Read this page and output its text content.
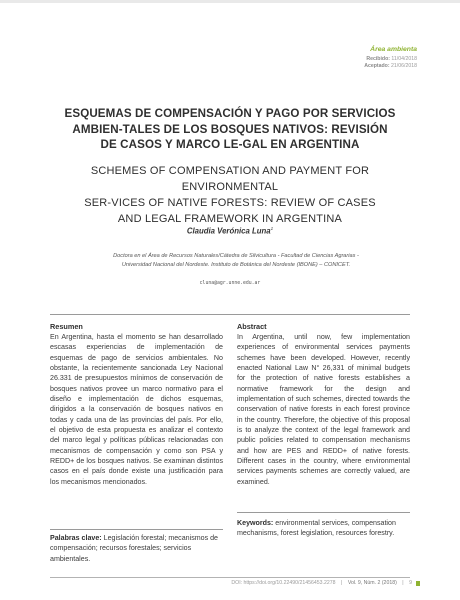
Área ambienta
Recibido: 11/04/2018
Aceptado: 21/06/2018
ESQUEMAS DE COMPENSACIÓN Y PAGO POR SERVICIOS
AMBIEN-TALES DE LOS BOSQUES NATIVOS: REVISIÓN
DE CASOS Y MARCO LE-GAL EN ARGENTINA
SCHEMES OF COMPENSATION AND PAYMENT FOR ENVIRONMENTAL
SER-VICES OF NATIVE FORESTS: REVIEW OF CASES
AND LEGAL FRAMEWORK IN ARGENTINA
Claudia Verónica Luna$^1$
Doctora en el Área de Recursos Naturales/Cátedra de Silvicultura - Facultad de Ciencias Agrarias -
Universidad Nacional del Nordeste. Instituto de Botánica del Nordeste (IBONE) – CONICET.
cluna@agr.unne.edu.ar
Resumen

En Argentina, hasta el momento se han desarrollado escasas experiencias de implementación de esquemas de pago de servicios ambientales. No obstante, la recientemente sancionada Ley Nacional 26.331 de presupuestos mínimos de conservación de bosques nativos provee un marco normativo para el diseño e implementación de dichos esquemas, dirigidos a la conservación de bosques nativos en todas y cada una de las provincias del país. Por ello, el objetivo de esta propuesta es analizar el contexto del marco legal y políticas públicas relacionadas con mecanismos de compensación y como son PSA y REDD+ de los bosques nativos. Se examinan distintos casos en el país donde existe una justificación para los mecanismos mencionados.

Abstract

In Argentina, until now, few implementation experiences of environmental services payments schemes have been developed. However, recently enacted National Law N° 26,331 of minimal budgets for the protection of native forests establishes a normative framework for the design and implementation of such schemes, directed towards the conservation of native forests in each forest province in the country. Therefore, the objective of this proposal is to analyze the context of the legal framework and public policies related to compensation mechanisms and how are PES and REDD+ of native forests. Different cases in the country, where environmental services payments schemes are correctly valued, are examined.

Palabras clave: Legislación forestal; mecanismos de compensación; recursos forestales; servicios ambientales.
Keywords: environmental services, compensation mechanisms, forest legislation, resources forestry.
DOI: https://doi.org/10.22490/21456453.2278 | Vol. 9, Núm. 2 (2018) | 9
